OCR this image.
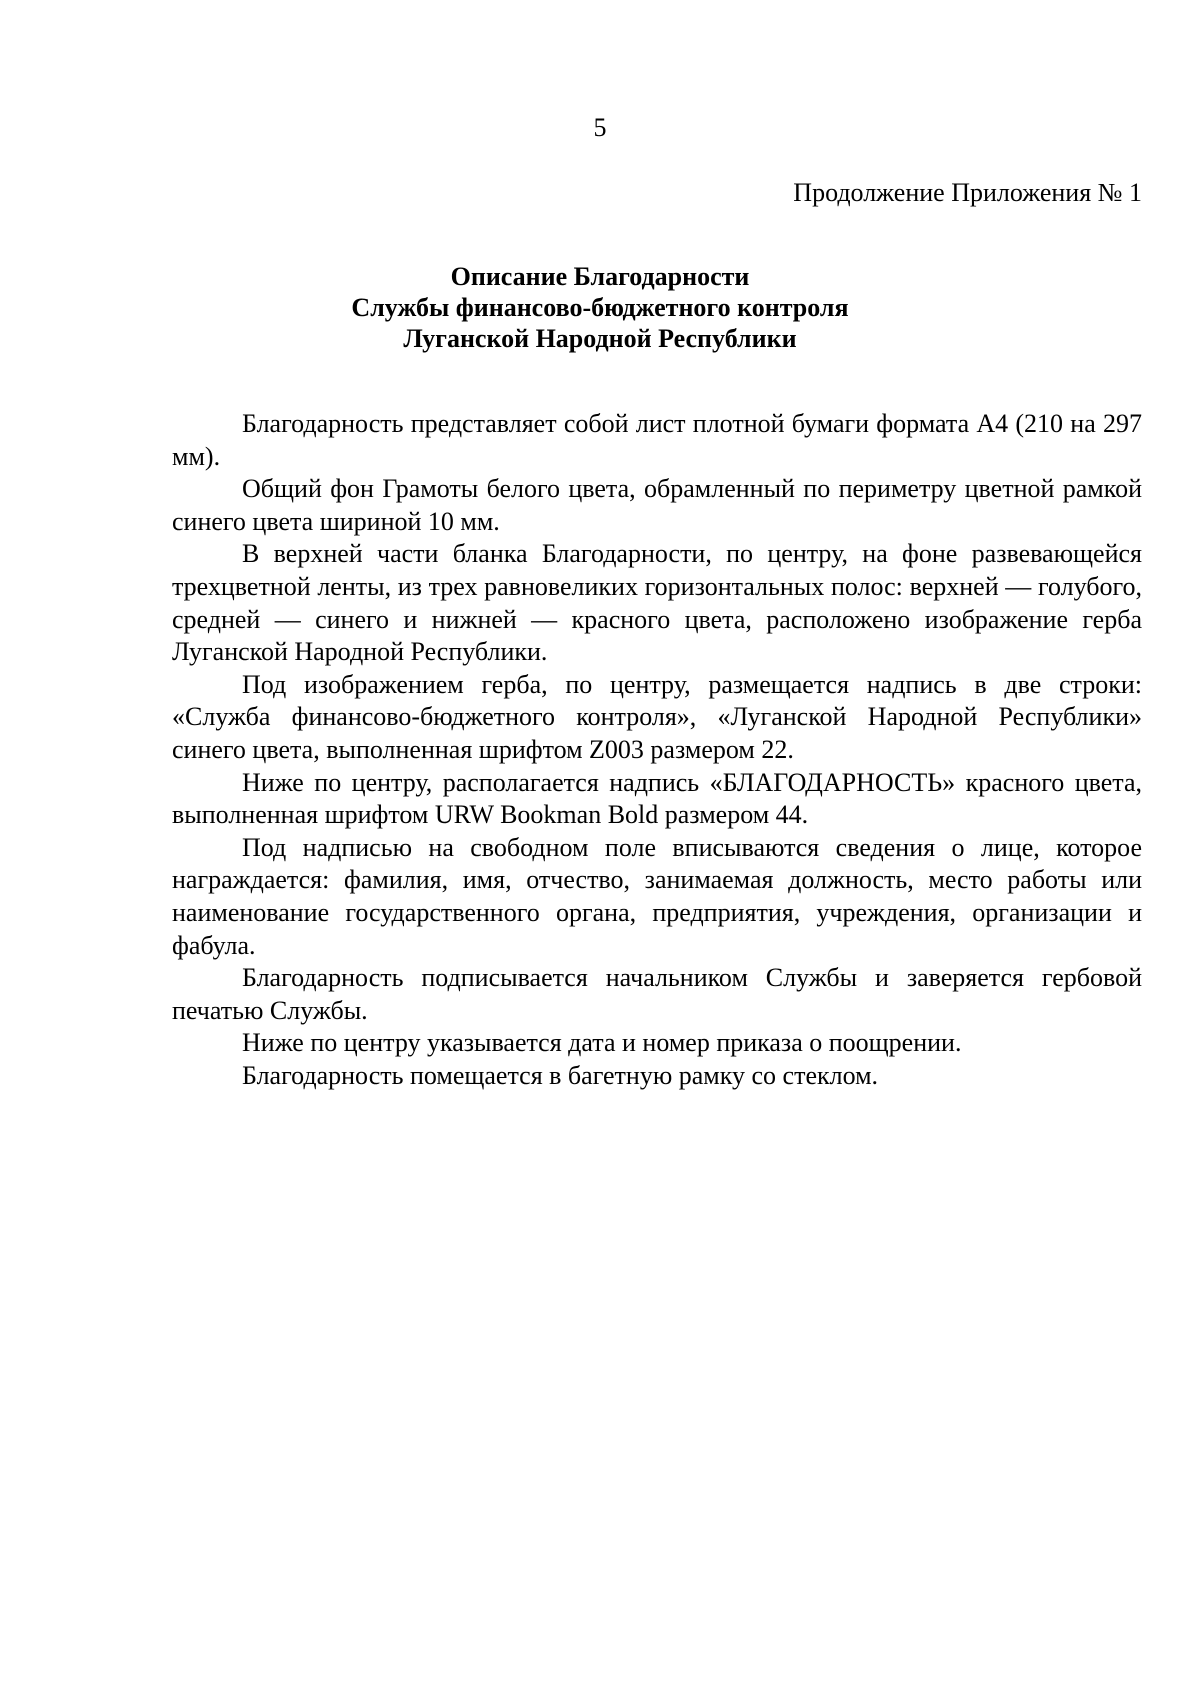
5
Продолжение Приложения № 1
Описание Благодарности
Службы финансово-бюджетного контроля
Луганской Народной Республики

Благодарность представляет собой лист плотной бумаги формата А4 (210 на 297 мм).

Общий фон Грамоты белого цвета, обрамленный по периметру цветной рамкой синего цвета шириной 10 мм.

В верхней части бланка Благодарности, по центру, на фоне развевающейся трехцветной ленты, из трех равновеликих горизонтальных полос: верхней — голубого, средней — синего и нижней — красного цвета, расположено изображение герба Луганской Народной Республики.

Под изображением герба, по центру, размещается надпись в две строки: «Служба финансово-бюджетного контроля», «Луганской Народной Республики» синего цвета, выполненная шрифтом Z003 размером 22.

Ниже по центру, располагается надпись «БЛАГОДАРНОСТЬ» красного цвета, выполненная шрифтом URW Bookman Bold размером 44.

Под надписью на свободном поле вписываются сведения о лице, которое награждается: фамилия, имя, отчество, занимаемая должность, место работы или наименование государственного органа, предприятия, учреждения, организации и фабула.

Благодарность подписывается начальником Службы и заверяется гербовой печатью Службы.

Ниже по центру указывается дата и номер приказа о поощрении.

Благодарность помещается в багетную рамку со стеклом.
